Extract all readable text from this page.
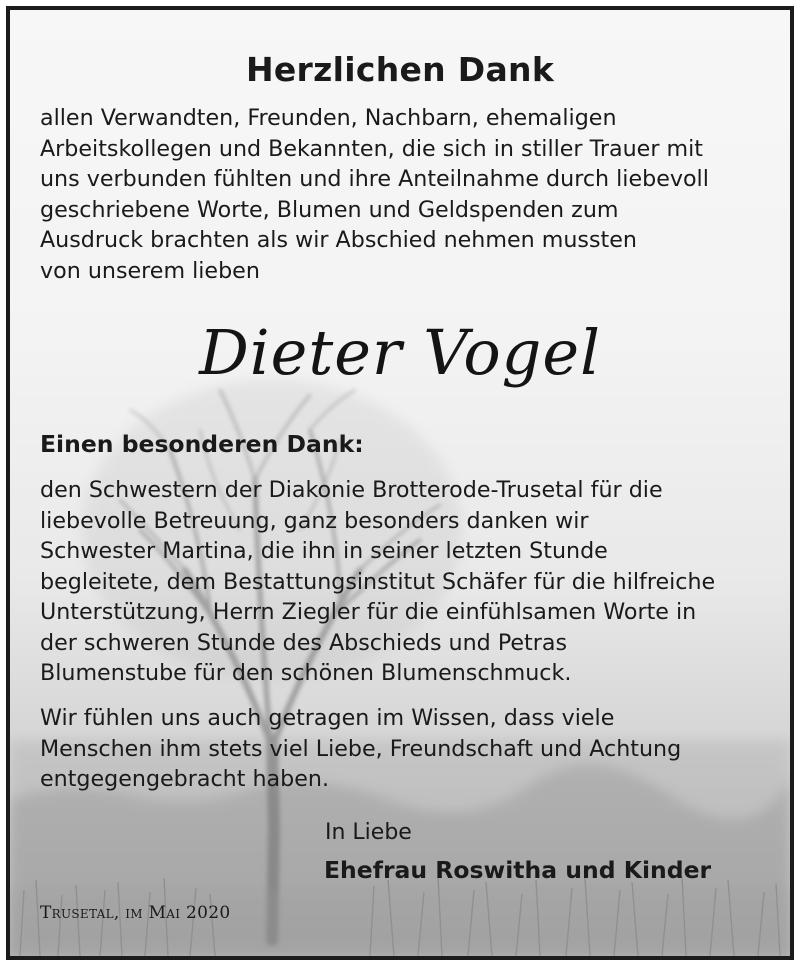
Herzlichen Dank
allen Verwandten, Freunden, Nachbarn, ehemaligen
Arbeitskollegen und Bekannten, die sich in stiller Trauer mit
uns verbunden fühlten und ihre Anteilnahme durch liebevoll
geschriebene Worte, Blumen und Geldspenden zum
Ausdruck brachten als wir Abschied nehmen mussten
von unserem lieben
Dieter Vogel
Einen besonderen Dank:
den Schwestern der Diakonie Brotterode-Trusetal für die
liebevolle Betreuung, ganz besonders danken wir
Schwester Martina, die ihn in seiner letzten Stunde
begleitete, dem Bestattungsinstitut Schäfer für die hilfreiche
Unterstützung, Herrn Ziegler für die einfühlsamen Worte in
der schweren Stunde des Abschieds und Petras
Blumenstube für den schönen Blumenschmuck.
Wir fühlen uns auch getragen im Wissen, dass viele
Menschen ihm stets viel Liebe, Freundschaft und Achtung
entgegengebracht haben.
In Liebe
Ehefrau Roswitha und Kinder
Trusetal, im Mai 2020
